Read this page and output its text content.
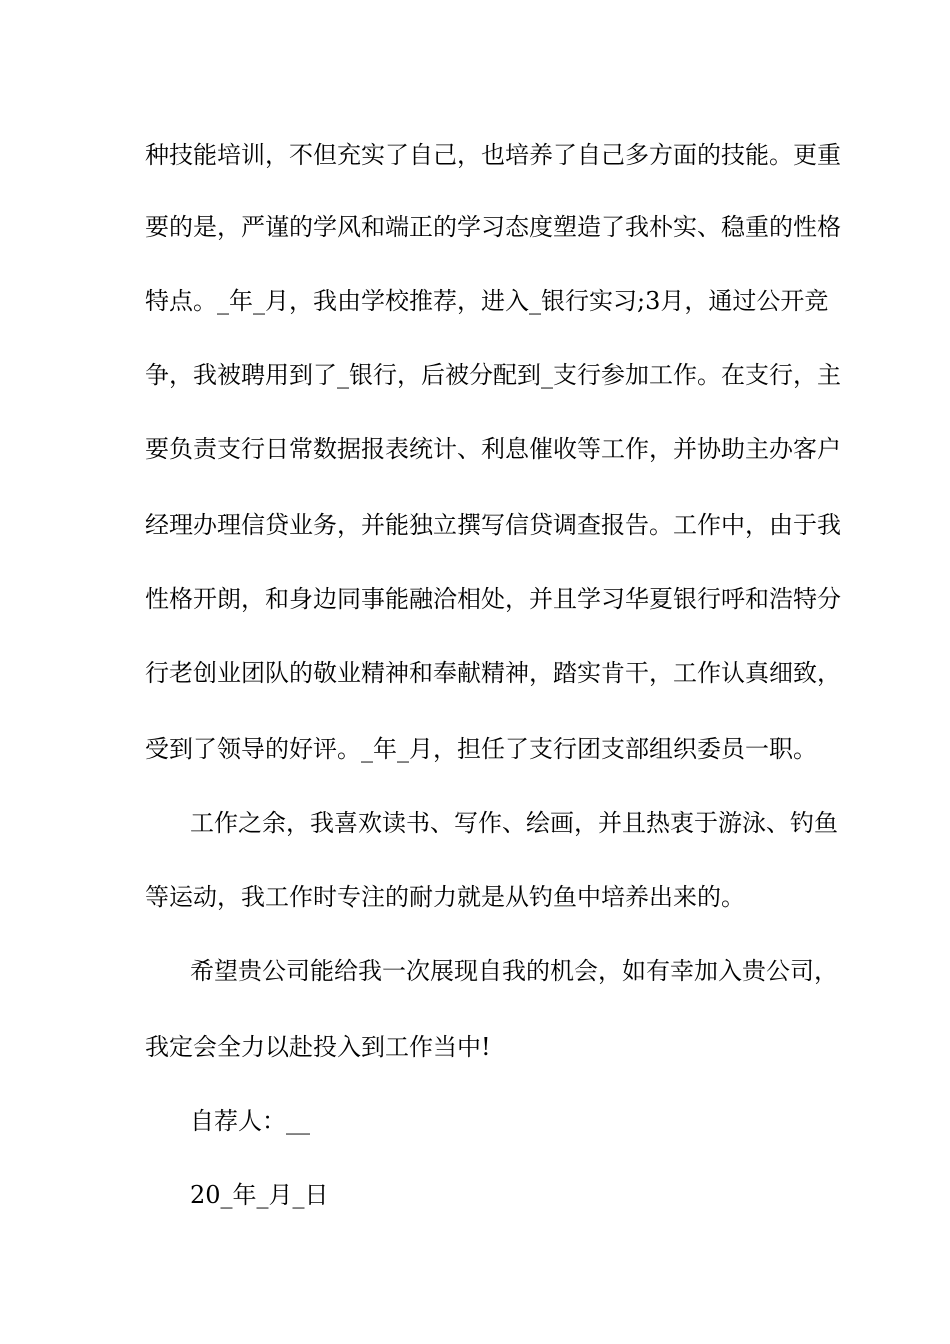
种技能培训，不但充实了自己，也培养了自己多方面的技能。更重
要的是，严谨的学风和端正的学习态度塑造了我朴实、稳重的性格
特点。_年_月，我由学校推荐，进入_银行实习;3月，通过公开竞
争，我被聘用到了_银行，后被分配到_支行参加工作。在支行，主
要负责支行日常数据报表统计、利息催收等工作，并协助主办客户
经理办理信贷业务，并能独立撰写信贷调查报告。工作中，由于我
性格开朗，和身边同事能融洽相处，并且学习华夏银行呼和浩特分
行老创业团队的敬业精神和奉献精神，踏实肯干，工作认真细致，
受到了领导的好评。_年_月，担任了支行团支部组织委员一职。
工作之余，我喜欢读书、写作、绘画，并且热衷于游泳、钓鱼
等运动，我工作时专注的耐力就是从钓鱼中培养出来的。
希望贵公司能给我一次展现自我的机会，如有幸加入贵公司，
我定会全力以赴投入到工作当中!
自荐人：__
20_年_月_日
